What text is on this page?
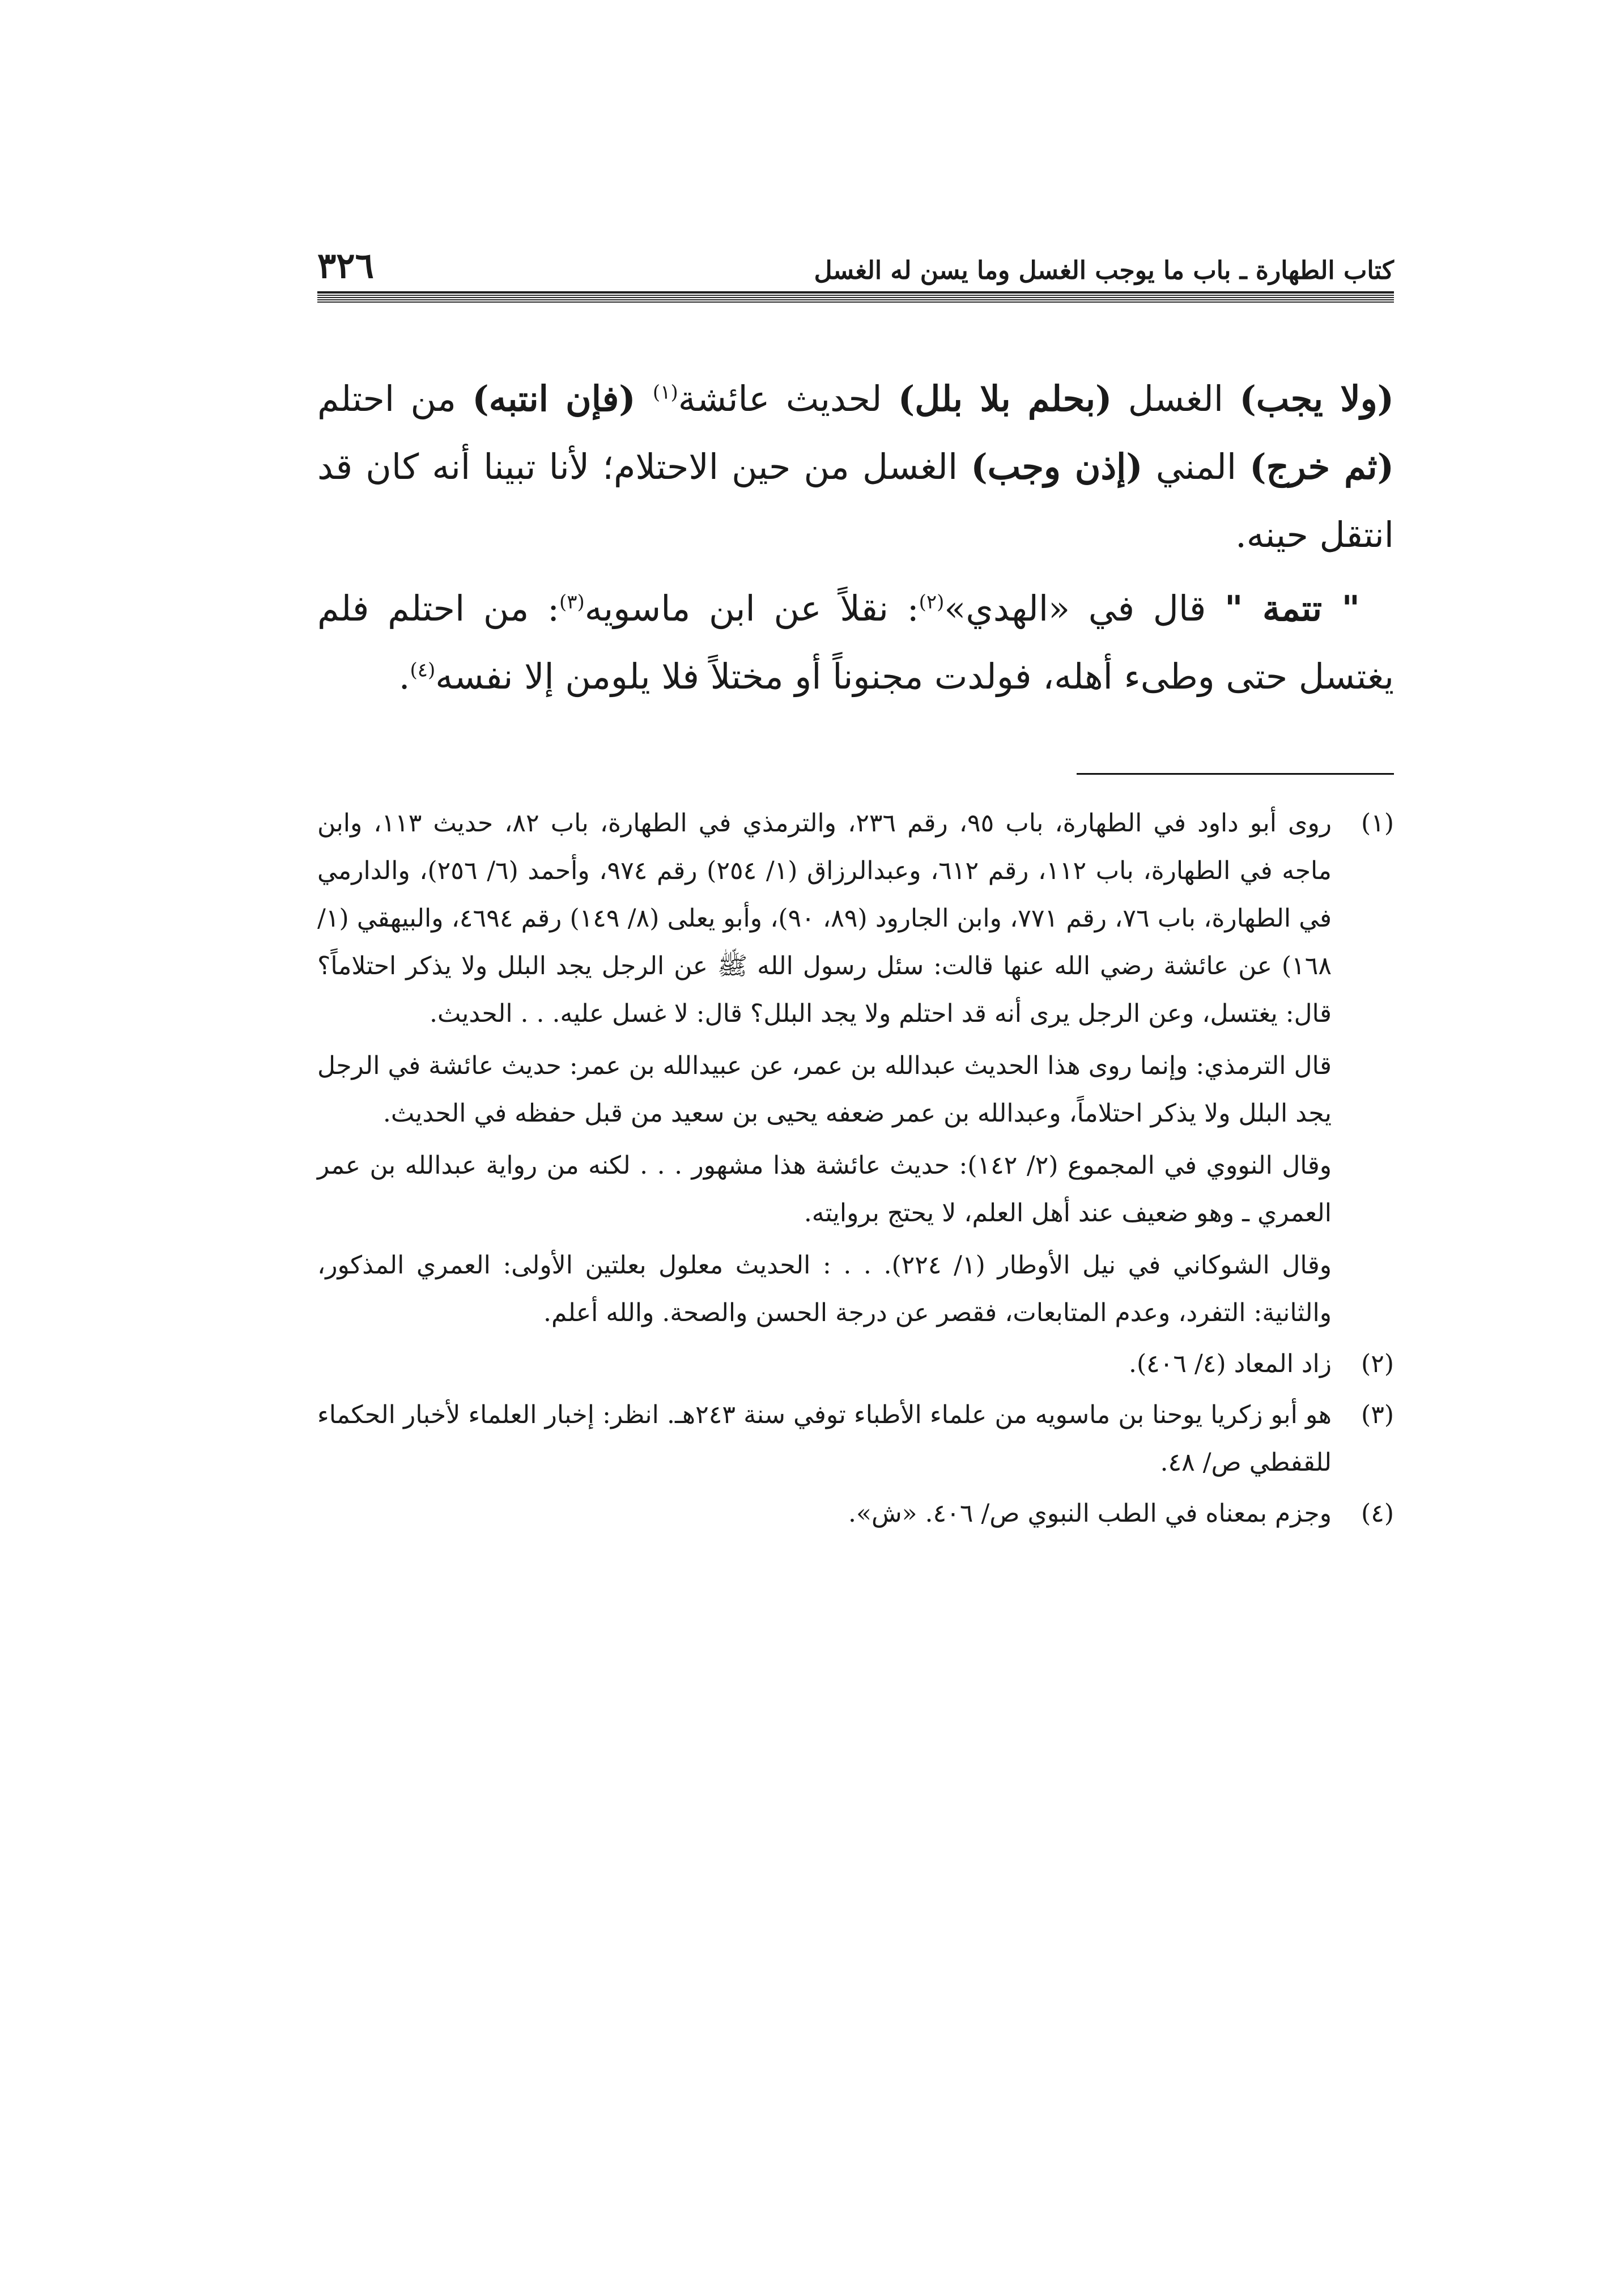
كتاب الطهارة ـ باب ما يوجب الغسل وما يسن له الغسل
٣٢٦

(ولا يجب) الغسل (بحلم بلا بلل) لحديث عائشة$^{(١)}$ (فإن انتبه) من احتلم (ثم خرج) المني (إذن وجب) الغسل من حين الاحتلام؛ لأنا تبينا أنه كان قد انتقل حينه.

" تتمة " قال في «الهدي»$^{(٢)}$: نقلاً عن ابن ماسويه$^{(٣)}$: من احتلم فلم يغتسل حتى وطىء أهله، فولدت مجنوناً أو مختلاً فلا يلومن إلا نفسه$^{(٤)}$.

(١)

روى أبو داود في الطهارة، باب ٩٥، رقم ٢٣٦، والترمذي في الطهارة، باب ٨٢، حديث ١١٣، وابن ماجه في الطهارة، باب ١١٢، رقم ٦١٢، وعبدالرزاق (١/ ٢٥٤) رقم ٩٧٤، وأحمد (٦/ ٢٥٦)، والدارمي في الطهارة، باب ٧٦، رقم ٧٧١، وابن الجارود (٨٩، ٩٠)، وأبو يعلى (٨/ ١٤٩) رقم ٤٦٩٤، والبيهقي (١/ ١٦٨) عن عائشة رضي الله عنها قالت: سئل رسول الله ﷺ عن الرجل يجد البلل ولا يذكر احتلاماً؟ قال: يغتسل، وعن الرجل يرى أنه قد احتلم ولا يجد البلل؟ قال: لا غسل عليه. . . الحديث.

قال الترمذي: وإنما روى هذا الحديث عبدالله بن عمر، عن عبيدالله بن عمر: حديث عائشة في الرجل يجد البلل ولا يذكر احتلاماً، وعبدالله بن عمر ضعفه يحيى بن سعيد من قبل حفظه في الحديث.

وقال النووي في المجموع (٢/ ١٤٢): حديث عائشة هذا مشهور . . . لكنه من رواية عبدالله بن عمر العمري ـ وهو ضعيف عند أهل العلم، لا يحتج بروايته.

وقال الشوكاني في نيل الأوطار (١/ ٢٢٤). . . : الحديث معلول بعلتين الأولى: العمري المذكور، والثانية: التفرد، وعدم المتابعات، فقصر عن درجة الحسن والصحة. والله أعلم.

(٢)

زاد المعاد (٤/ ٤٠٦).

(٣)

هو أبو زكريا يوحنا بن ماسويه من علماء الأطباء توفي سنة ٢٤٣هـ. انظر: إخبار العلماء لأخبار الحكماء للقفطي ص/ ٤٨.

(٤)

وجزم بمعناه في الطب النبوي ص/ ٤٠٦. «ش».
